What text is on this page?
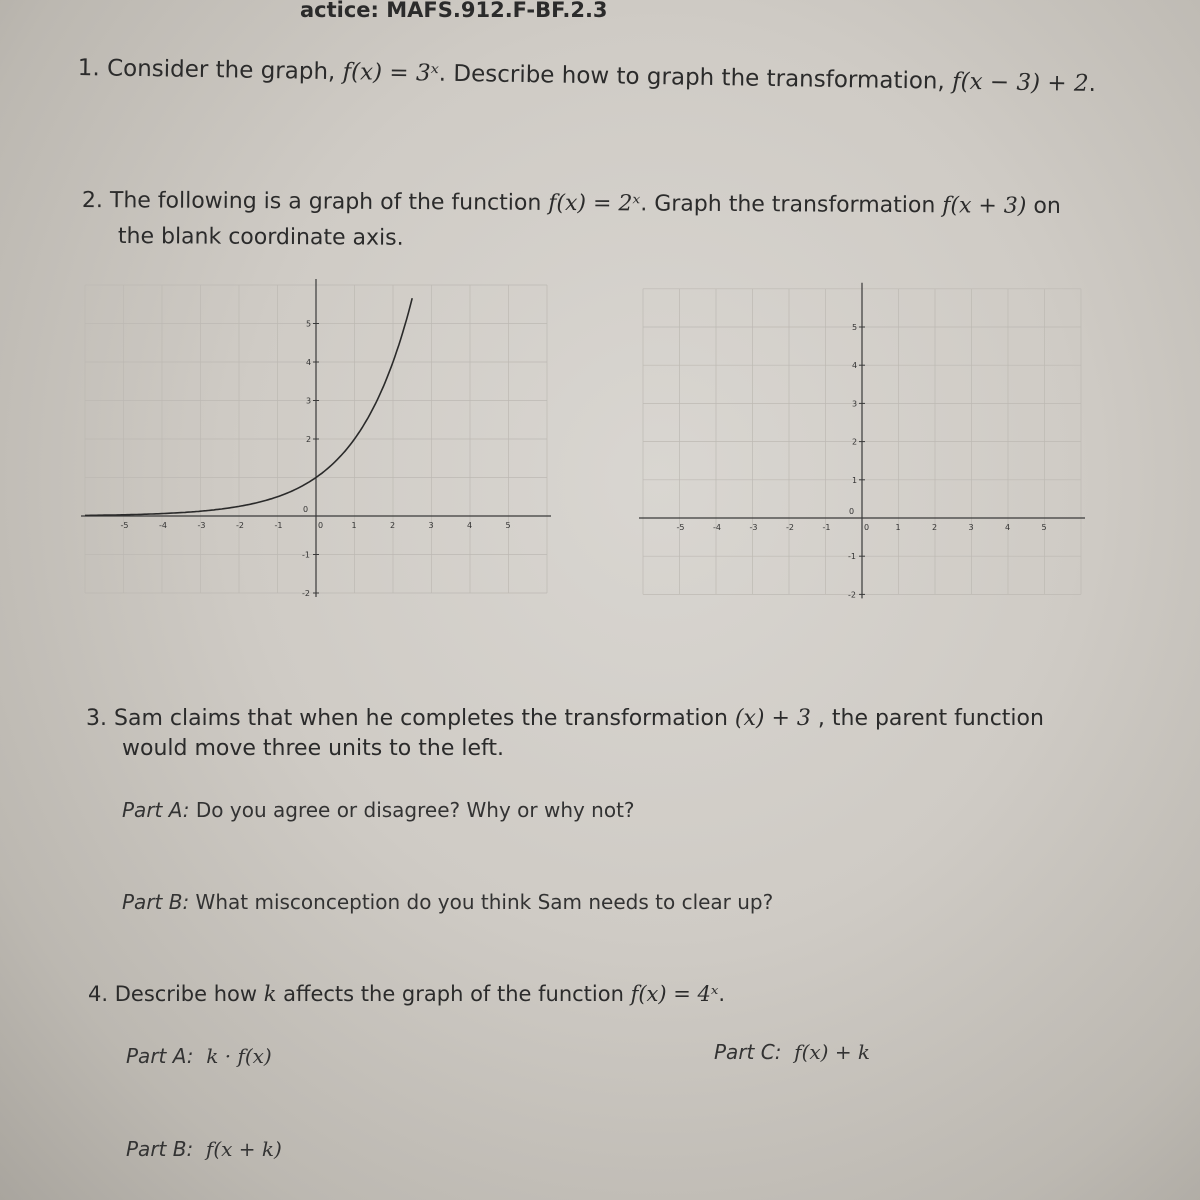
actice: MAFS.912.F-BF.2.3
1. Consider the graph, f(x) = 3ˣ. Describe how to graph the transformation, f(x − 3) + 2.
2. The following is a graph of the function f(x) = 2ˣ. Graph the transformation f(x + 3) on
the blank coordinate axis.
-5	-4	-3	-2	-1	0	1	2	3	4	5
5
4
3
2
0
-1
-2
-5	-4	-3	-2	-1	0	1	2	3	4	5
5
4
3
2
1
0
-1
-2
3. Sam claims that when he completes the transformation (x) + 3 , the parent function
would move three units to the left.
Part A: Do you agree or disagree? Why or why not?
Part B: What misconception do you think Sam needs to clear up?
4. Describe how k affects the graph of the function f(x) = 4ˣ.
Part A: k · f(x)	Part C: f(x) + k
Part B: f(x + k)
